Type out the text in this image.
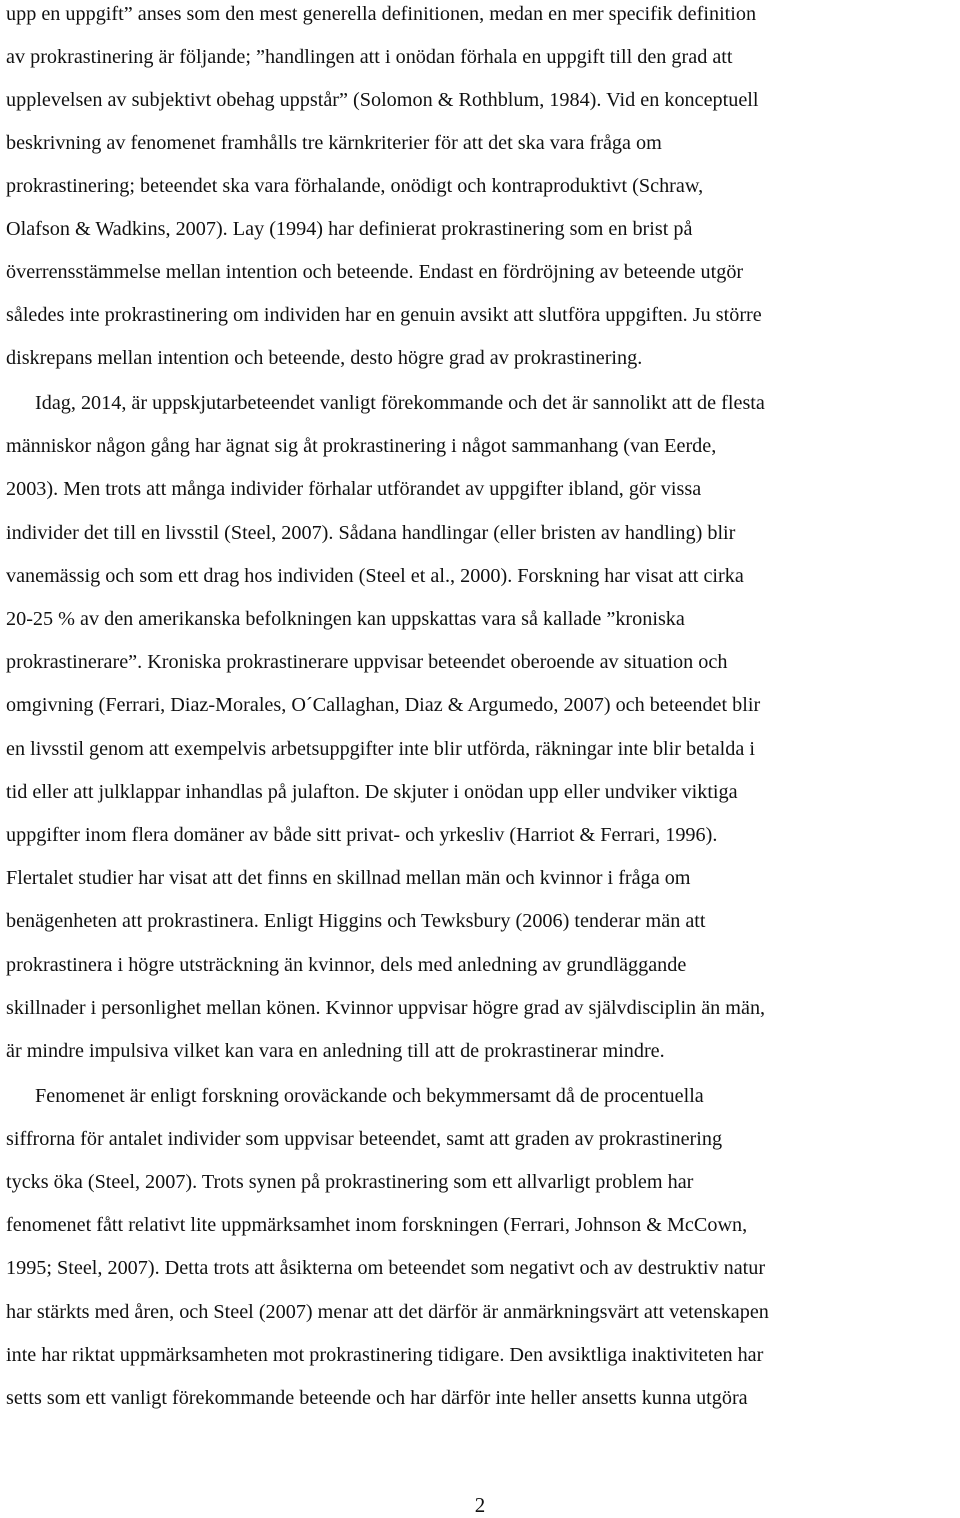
upp en uppgift” anses som den mest generella definitionen, medan en mer specifik definition
av prokrastinering är följande; ”handlingen att i onödan förhala en uppgift till den grad att
upplevelsen av subjektivt obehag uppstår” (Solomon & Rothblum, 1984). Vid en konceptuell
beskrivning av fenomenet framhålls tre kärnkriterier för att det ska vara fråga om
prokrastinering; beteendet ska vara förhalande, onödigt och kontraproduktivt (Schraw,
Olafson & Wadkins, 2007). Lay (1994) har definierat prokrastinering som en brist på
överrensstämmelse mellan intention och beteende. Endast en fördröjning av beteende utgör
således inte prokrastinering om individen har en genuin avsikt att slutföra uppgiften. Ju större
diskrepans mellan intention och beteende, desto högre grad av prokrastinering.
Idag, 2014, är uppskjutarbeteendet vanligt förekommande och det är sannolikt att de flesta
människor någon gång har ägnat sig åt prokrastinering i något sammanhang (van Eerde,
2003). Men trots att många individer förhalar utförandet av uppgifter ibland, gör vissa
individer det till en livsstil (Steel, 2007). Sådana handlingar (eller bristen av handling) blir
vanemässig och som ett drag hos individen (Steel et al., 2000). Forskning har visat att cirka
20-25 % av den amerikanska befolkningen kan uppskattas vara så kallade ”kroniska
prokrastinerare”. Kroniska prokrastinerare uppvisar beteendet oberoende av situation och
omgivning (Ferrari, Diaz-Morales, O´Callaghan, Diaz & Argumedo, 2007) och beteendet blir
en livsstil genom att exempelvis arbetsuppgifter inte blir utförda, räkningar inte blir betalda i
tid eller att julklappar inhandlas på julafton. De skjuter i onödan upp eller undviker viktiga
uppgifter inom flera domäner av både sitt privat- och yrkesliv (Harriot & Ferrari, 1996).
Flertalet studier har visat att det finns en skillnad mellan män och kvinnor i fråga om
benägenheten att prokrastinera. Enligt Higgins och Tewksbury (2006) tenderar män att
prokrastinera i högre utsträckning än kvinnor, dels med anledning av grundläggande
skillnader i personlighet mellan könen. Kvinnor uppvisar högre grad av självdisciplin än män,
är mindre impulsiva vilket kan vara en anledning till att de prokrastinerar mindre.
Fenomenet är enligt forskning oroväckande och bekymmersamt då de procentuella
siffrorna för antalet individer som uppvisar beteendet, samt att graden av prokrastinering
tycks öka (Steel, 2007). Trots synen på prokrastinering som ett allvarligt problem har
fenomenet fått relativt lite uppmärksamhet inom forskningen (Ferrari, Johnson & McCown,
1995; Steel, 2007). Detta trots att åsikterna om beteendet som negativt och av destruktiv natur
har stärkts med åren, och Steel (2007) menar att det därför är anmärkningsvärt att vetenskapen
inte har riktat uppmärksamheten mot prokrastinering tidigare. Den avsiktliga inaktiviteten har
setts som ett vanligt förekommande beteende och har därför inte heller ansetts kunna utgöra
2
